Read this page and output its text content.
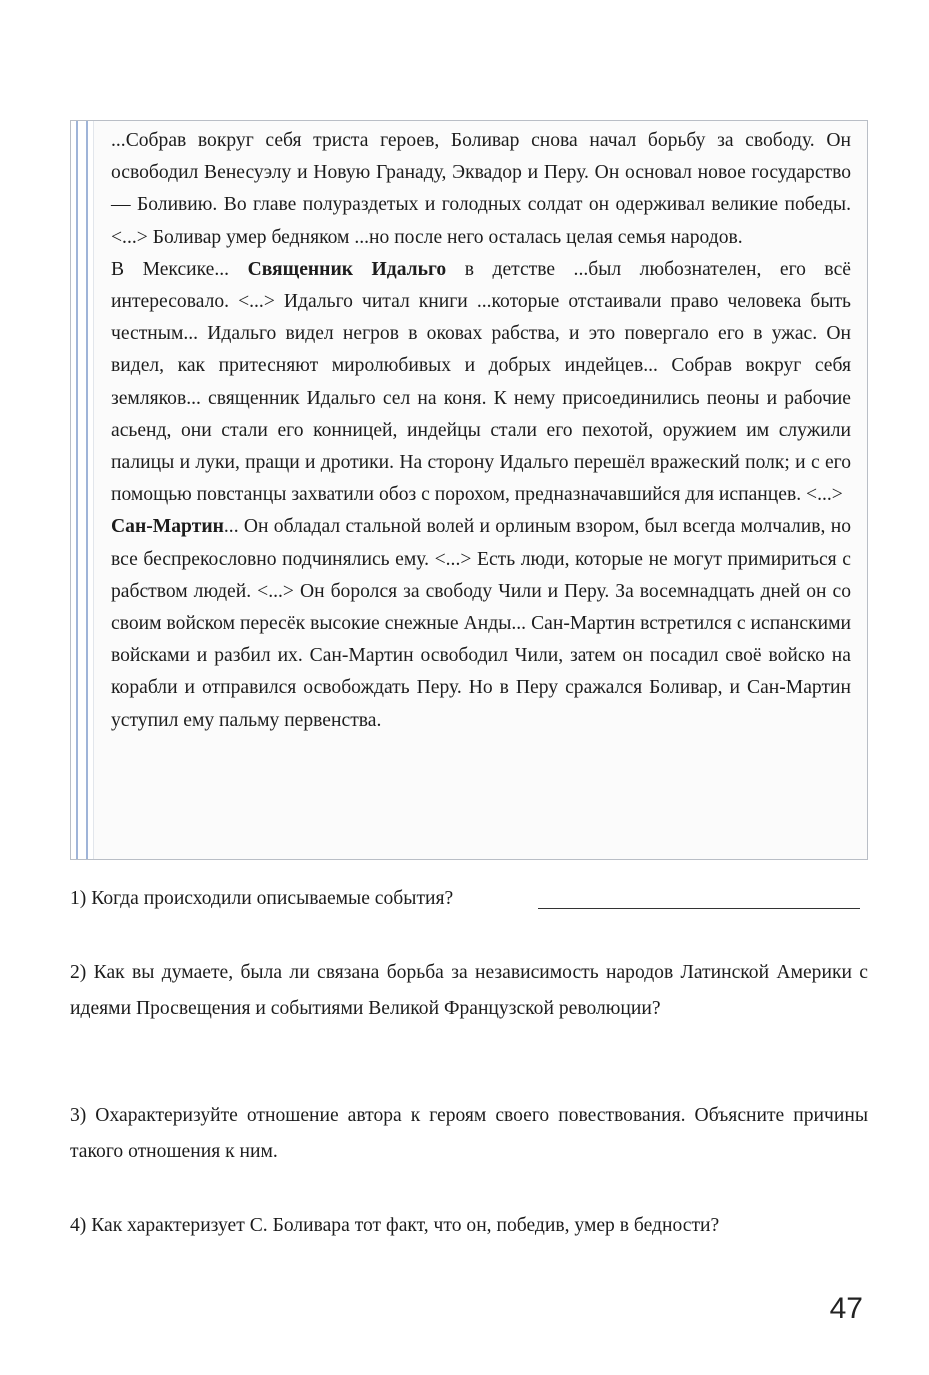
...Собрав вокруг себя триста героев, Боливар снова начал борьбу за свободу. Он освободил Венесуэлу и Новую Гранаду, Эквадор и Перу. Он основал новое государство — Боливию. Во главе полураздетых и голодных солдат он одерживал великие победы. <...> Боливар умер бедняком ...но после него осталась целая семья народов.

В Мексике... Священник Идальго в детстве ...был любознателен, его всё интересовало. <...> Идальго читал книги ...которые отстаивали право человека быть честным... Идальго видел негров в оковах рабства, и это повергало его в ужас. Он видел, как притесняют миролюбивых и добрых индейцев... Собрав вокруг себя земляков... священник Идальго сел на коня. К нему присоединились пеоны и рабочие асьенд, они стали его конницей, индейцы стали его пехотой, оружием им служили палицы и луки, пращи и дротики. На сторону Идальго перешёл вражеский полк; и с его помощью повстанцы захватили обоз с порохом, предназначавшийся для испанцев. <...>

Сан-Мартин... Он обладал стальной волей и орлиным взором, был всегда молчалив, но все беспрекословно подчинялись ему. <...> Есть люди, которые не могут примириться с рабством людей. <...> Он боролся за свободу Чили и Перу. За восемнадцать дней он со своим войском пересёк высокие снежные Анды... Сан-Мартин встретился с испанскими войсками и разбил их. Сан-Мартин освободил Чили, затем он посадил своё войско на корабли и отправился освобождать Перу. Но в Перу сражался Боливар, и Сан-Мартин уступил ему пальму первенства.

1) Когда происходили описываемые события?

2) Как вы думаете, была ли связана борьба за независимость народов Латинской Америки с идеями Просвещения и событиями Великой Французской революции?

3) Охарактеризуйте отношение автора к героям своего повествования. Объясните причины такого отношения к ним.

4) Как характеризует С. Боливара тот факт, что он, победив, умер в бедности?

47
